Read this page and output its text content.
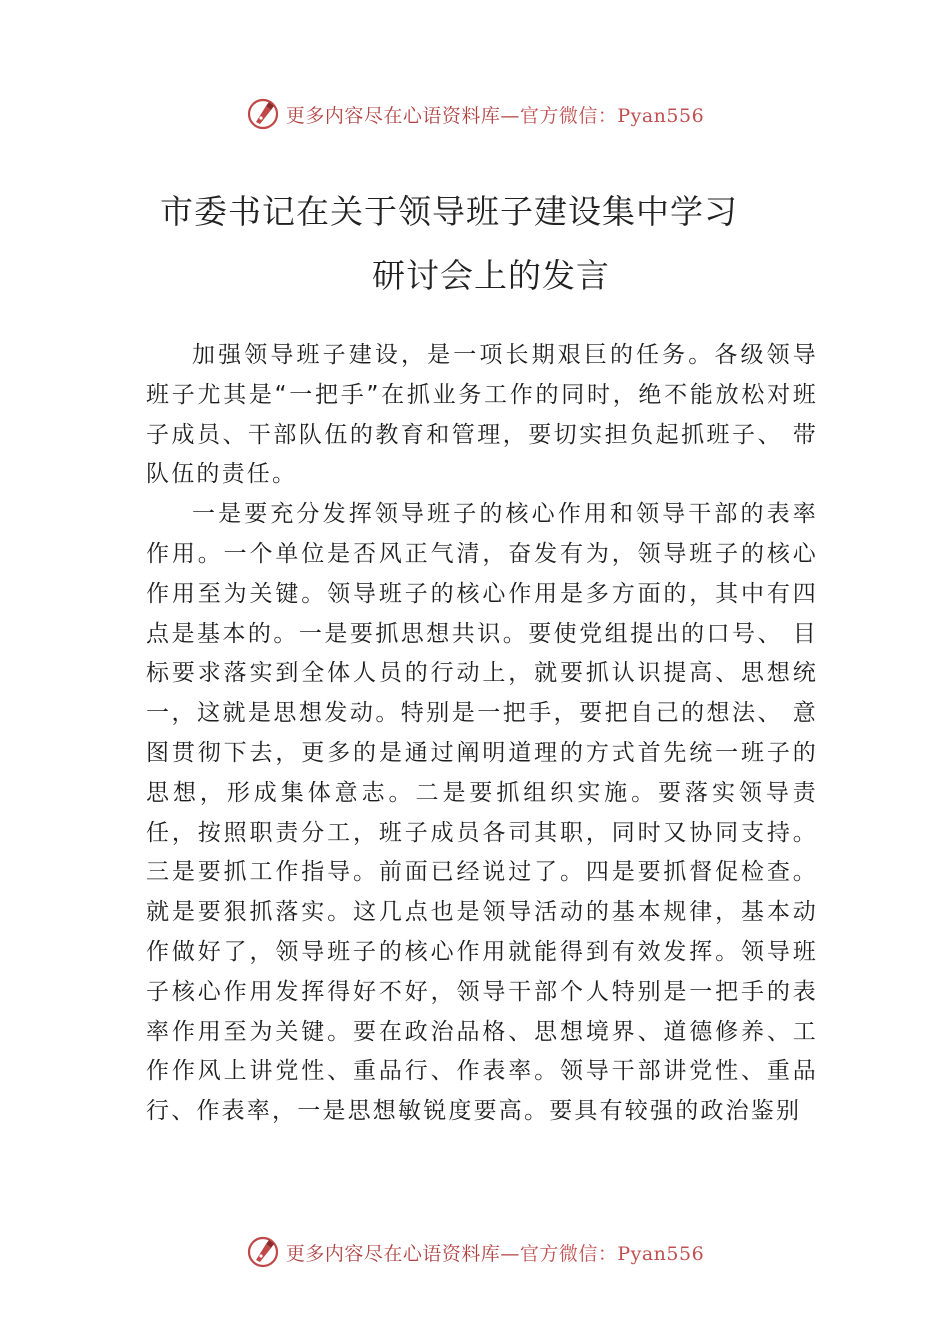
更多内容尽在心语资料库—官方微信：Pyan556
市委书记在关于领导班子建设集中学习
研讨会上的发言

加强领导班子建设，是一项长期艰巨的任务。各级领导班子尤其是“一把手”在抓业务工作的同时，绝不能放松对班子成员、干部队伍的教育和管理，要切实担负起抓班子、 带队伍的责任。

一是要充分发挥领导班子的核心作用和领导干部的表率作用。一个单位是否风正气清，奋发有为，领导班子的核心作用至为关键。领导班子的核心作用是多方面的，其中有四点是基本的。一是要抓思想共识。要使党组提出的口号、 目标要求落实到全体人员的行动上，就要抓认识提高、思想统一，这就是思想发动。特别是一把手，要把自己的想法、 意图贯彻下去，更多的是通过阐明道理的方式首先统一班子的思想，形成集体意志。二是要抓组织实施。要落实领导责任，按照职责分工，班子成员各司其职，同时又协同支持。 三是要抓工作指导。前面已经说过了。四是要抓督促检查。 就是要狠抓落实。这几点也是领导活动的基本规律，基本动作做好了，领导班子的核心作用就能得到有效发挥。领导班子核心作用发挥得好不好，领导干部个人特别是一把手的表率作用至为关键。要在政治品格、思想境界、道德修养、工作作风上讲党性、重品行、作表率。领导干部讲党性、重品行、作表率，一是思想敏锐度要高。要具有较强的政治鉴别

更多内容尽在心语资料库—官方微信：Pyan556
